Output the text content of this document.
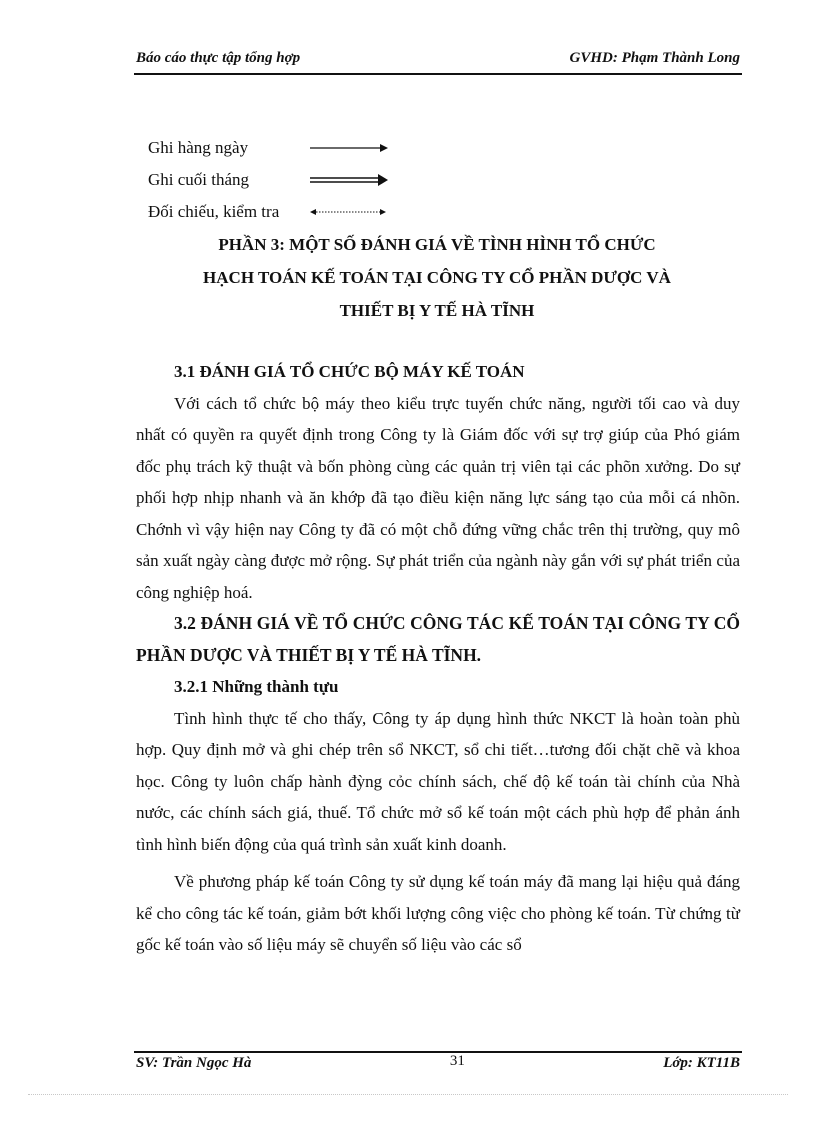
Báo cáo thực tập tổng hợp	GVHD: Phạm Thành Long
Ghi hàng ngày
Ghi cuối tháng
Đối chiếu, kiểm tra
PHẦN 3: MỘT SỐ ĐÁNH GIÁ VỀ TÌNH HÌNH TỔ CHỨC
HẠCH TOÁN KẾ TOÁN TẠI CÔNG TY CỔ PHẦN DƯỢC VÀ
THIẾT BỊ Y TẾ HÀ TĨNH

3.1 ĐÁNH GIÁ TỔ CHỨC BỘ MÁY KẾ TOÁN

Với cách tổ chức bộ máy theo kiểu trực tuyến chức năng, người tối cao và duy nhất có quyền ra quyết định trong Công ty là Giám đốc với sự trợ giúp của Phó giám đốc phụ trách kỹ thuật và bốn phòng cùng các quản trị viên tại các phõn xưởng. Do sự phối hợp nhịp nhanh và ăn khớp đã tạo điều kiện năng lực sáng tạo của mỗi cá nhõn. Chớnh vì vậy hiện nay Công ty đã có một chỗ đứng vững chắc trên thị trường, quy mô sản xuất ngày càng được mở rộng. Sự phát triển của ngành này gắn với sự phát triển của công nghiệp hoá.

3.2 ĐÁNH GIÁ VỀ TỔ CHỨC CÔNG TÁC KẾ TOÁN TẠI CÔNG TY CỔ PHẦN DƯỢC VÀ THIẾT BỊ Y TẾ HÀ TĨNH.

3.2.1 Những thành tựu

Tình hình thực tế cho thấy, Công ty áp dụng hình thức NKCT là hoàn toàn phù hợp. Quy định mở và ghi chép trên sổ NKCT, sổ chi tiết…tương đối chặt chẽ và khoa học. Công ty luôn chấp hành đỳng cỏc chính sách, chế độ kế toán tài chính của Nhà nước, các chính sách giá, thuế. Tổ chức mở sổ kế toán một cách phù hợp để phản ánh tình hình biến động của quá trình sản xuất kinh doanh.

Về phương pháp kế toán Công ty sử dụng kế toán máy đã mang lại hiệu quả đáng kể cho công tác kế toán, giảm bớt khối lượng công việc cho phòng kế toán. Từ chứng từ gốc kế toán vào số liệu máy sẽ chuyển số liệu vào các sổ

SV: Trần Ngọc Hà	31	Lớp: KT11B
